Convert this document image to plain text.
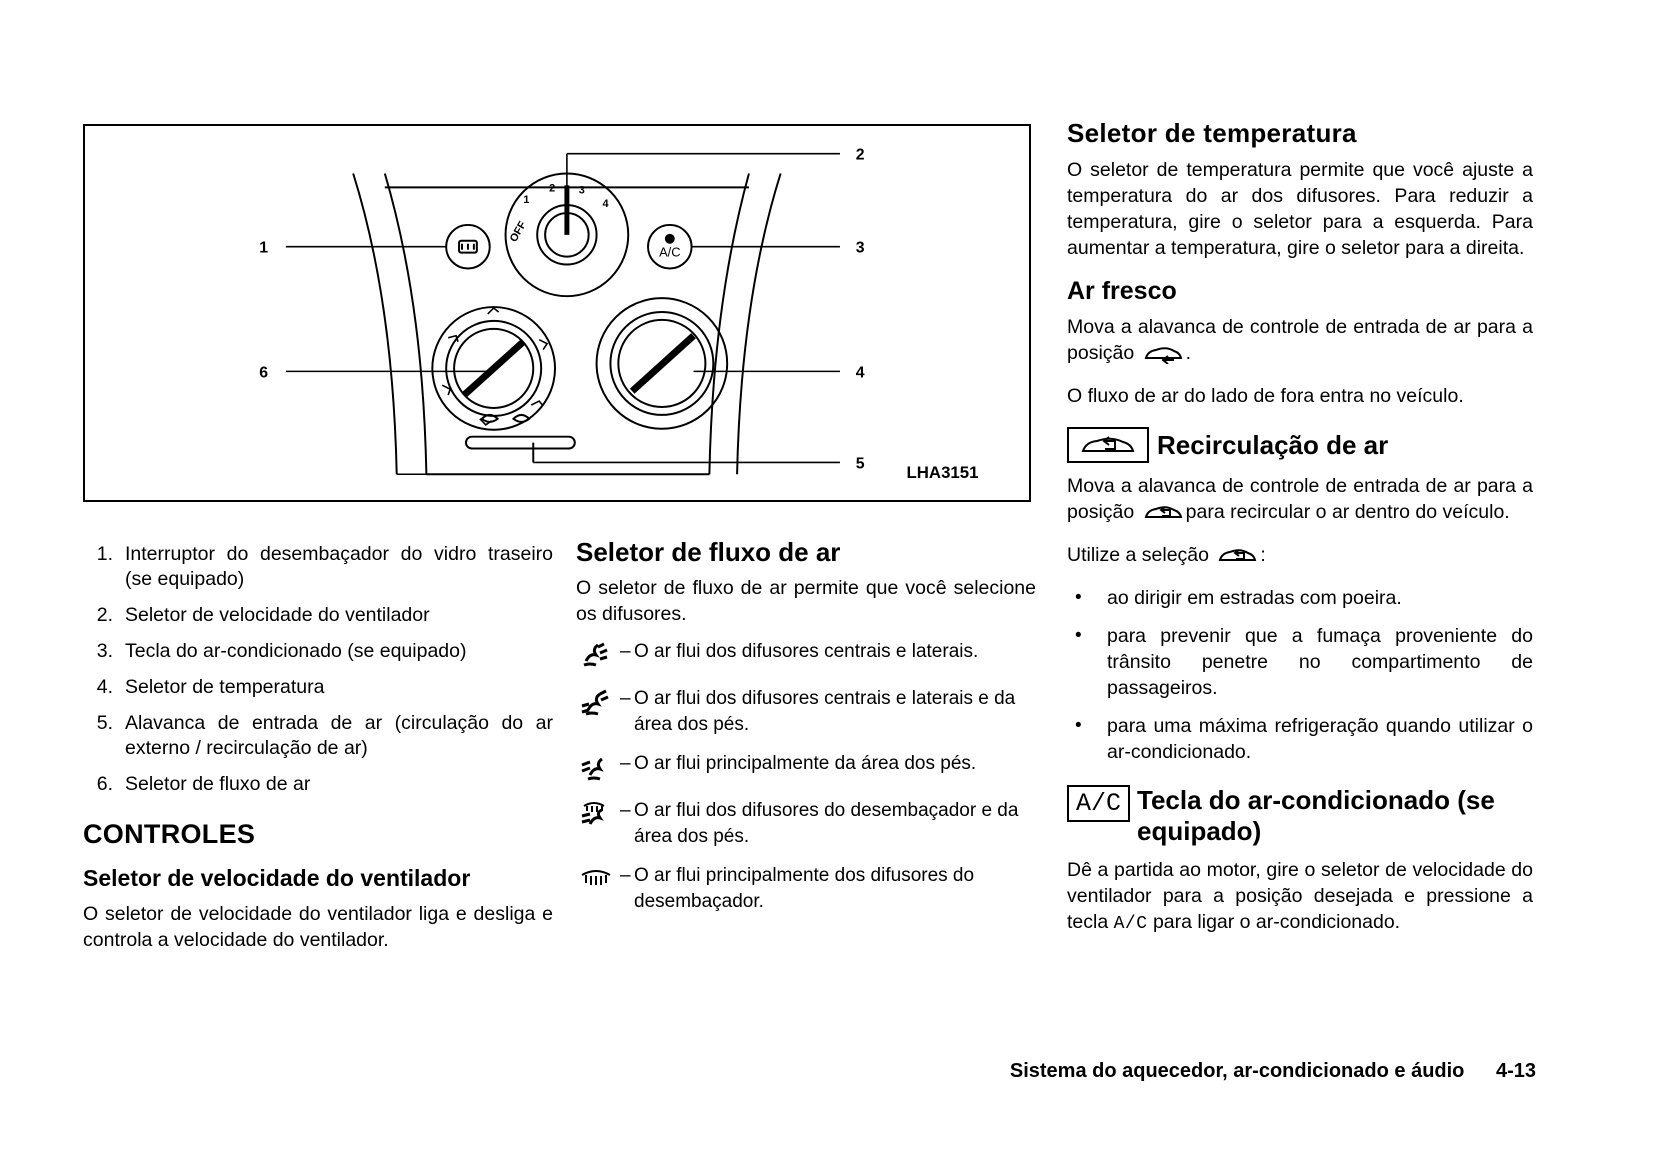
OFF
1
2 3
4
A/C
1
2
3
4
5
6
LHA3151
1. Interruptor do desembaçador do vidro traseiro (se equipado)
2. Seletor de velocidade do ventilador
3. Tecla do ar-condicionado (se equipado)
4. Seletor de temperatura
5. Alavanca de entrada de ar (circulação do ar externo / recirculação de ar)
6. Seletor de fluxo de ar
CONTROLES
Seletor de velocidade do ventilador

O seletor de velocidade do ventilador liga e desliga e controla a velocidade do ventilador.

Seletor de fluxo de ar

O seletor de fluxo de ar permite que você selecione os difusores.

– O ar flui dos difusores centrais e laterais.
– O ar flui dos difusores centrais e laterais e da área dos pés.
– O ar flui principalmente da área dos pés.
– O ar flui dos difusores do desembaçador e da área dos pés.
– O ar flui principalmente dos difusores do desembaçador.
Seletor de temperatura

O seletor de temperatura permite que você ajuste a temperatura do ar dos difusores. Para reduzir a temperatura, gire o seletor para a esquerda. Para aumentar a temperatura, gire o seletor para a direita.

Ar fresco

Mova a alavanca de controle de entrada de ar para a posição	.

O fluxo de ar do lado de fora entra no veículo.

Recirculação de ar

Mova a alavanca de controle de entrada de ar para a posição	para recircular o ar dentro do veículo.

Utilize a seleção	:

• ao dirigir em estradas com poeira.
• para prevenir que a fumaça proveniente do trânsito penetre no compartimento de passageiros.
• para uma máxima refrigeração quando utilizar o ar-condicionado.
A/C Tecla do ar-condicionado (se equipado)

Dê a partida ao motor, gire o seletor de velocidade do ventilador para a posição desejada e pressione a tecla A/C para ligar o ar-condicionado.

Sistema do aquecedor, ar-condicionado e áudio 4-13
